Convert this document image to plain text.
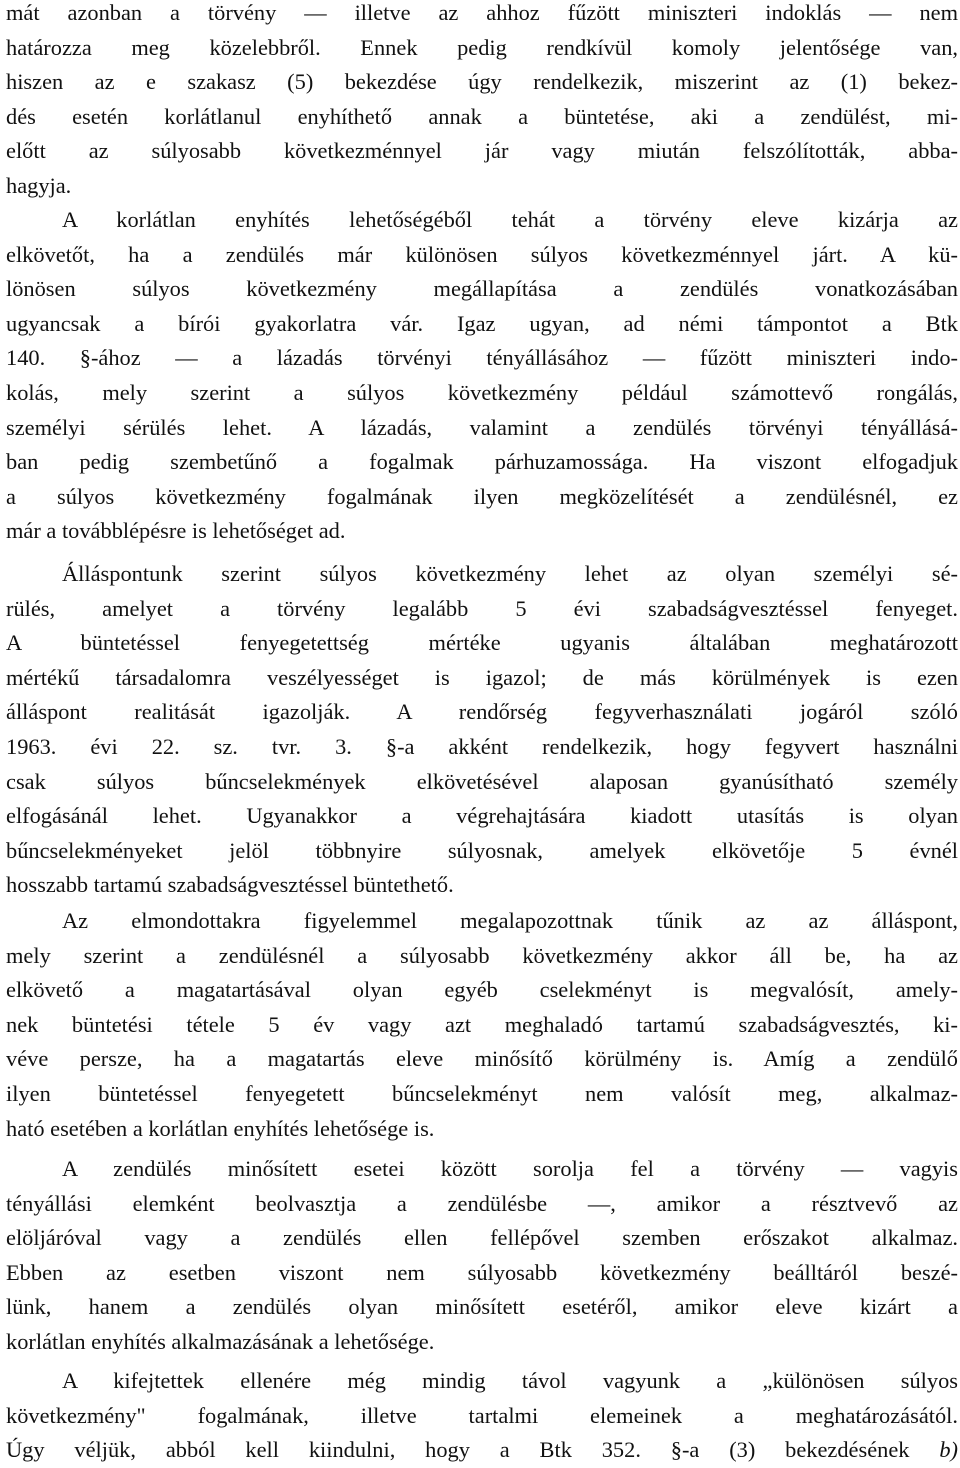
mát azonban a törvény — illetve az ahhoz fűzött miniszteri indoklás — nem
határozza meg közelebbről. Ennek pedig rendkívül komoly jelentősége van,
hiszen az e szakasz (5) bekezdése úgy rendelkezik, miszerint az (1) bekez-
dés esetén korlátlanul enyhíthető annak a büntetése, aki a zendülést, mi-
előtt az súlyosabb következménnyel jár vagy miután felszólították, abba-
hagyja.
A korlátlan enyhítés lehetőségéből tehát a törvény eleve kizárja az
elkövetőt, ha a zendülés már különösen súlyos következménnyel járt. A kü-
lönösen súlyos következmény megállapítása a zendülés vonatkozásában
ugyancsak a bírói gyakorlatra vár. Igaz ugyan, ad némi támpontot a Btk
140. §-ához — a lázadás törvényi tényállásához — fűzött miniszteri indo-
kolás, mely szerint a súlyos következmény például számottevő rongálás,
személyi sérülés lehet. A lázadás, valamint a zendülés törvényi tényállásá-
ban pedig szembetűnő a fogalmak párhuzamossága. Ha viszont elfogadjuk
a súlyos következmény fogalmának ilyen megközelítését a zendülésnél, ez
már a továbblépésre is lehetőséget ad.
Álláspontunk szerint súlyos következmény lehet az olyan személyi sé-
rülés, amelyet a törvény legalább 5 évi szabadságvesztéssel fenyeget.
A büntetéssel fenyegetettség mértéke ugyanis általában meghatározott
mértékű társadalomra veszélyességet is igazol; de más körülmények is ezen
álláspont realitását igazolják. A rendőrség fegyverhasználati jogáról szóló
1963. évi 22. sz. tvr. 3. §-a akként rendelkezik, hogy fegyvert használni
csak súlyos bűncselekmények elkövetésével alaposan gyanúsítható személy
elfogásánál lehet. Ugyanakkor a végrehajtására kiadott utasítás is olyan
bűncselekményeket jelöl többnyire súlyosnak, amelyek elkövetője 5 évnél
hosszabb tartamú szabadságvesztéssel büntethető.
Az elmondottakra figyelemmel megalapozottnak tűnik az az álláspont,
mely szerint a zendülésnél a súlyosabb következmény akkor áll be, ha az
elkövető a magatartásával olyan egyéb cselekményt is megvalósít, amely-
nek büntetési tétele 5 év vagy azt meghaladó tartamú szabadságvesztés, ki-
véve persze, ha a magatartás eleve minősítő körülmény is. Amíg a zendülő
ilyen büntetéssel fenyegetett bűncselekményt nem valósít meg, alkalmaz-
ható esetében a korlátlan enyhítés lehetősége is.
A zendülés minősített esetei között sorolja fel a törvény — vagyis
tényállási elemként beolvasztja a zendülésbe —, amikor a résztvevő az
elöljáróval vagy a zendülés ellen fellépővel szemben erőszakot alkalmaz.
Ebben az esetben viszont nem súlyosabb következmény beálltáról beszé-
lünk, hanem a zendülés olyan minősített esetéről, amikor eleve kizárt a
korlátlan enyhítés alkalmazásának a lehetősége.
A kifejtettek ellenére még mindig távol vagyunk a „különösen súlyos
következmény" fogalmának, illetve tartalmi elemeinek a meghatározásától.
Úgy véljük, abból kell kiindulni, hogy a Btk 352. §-a (3) bekezdésének b)
